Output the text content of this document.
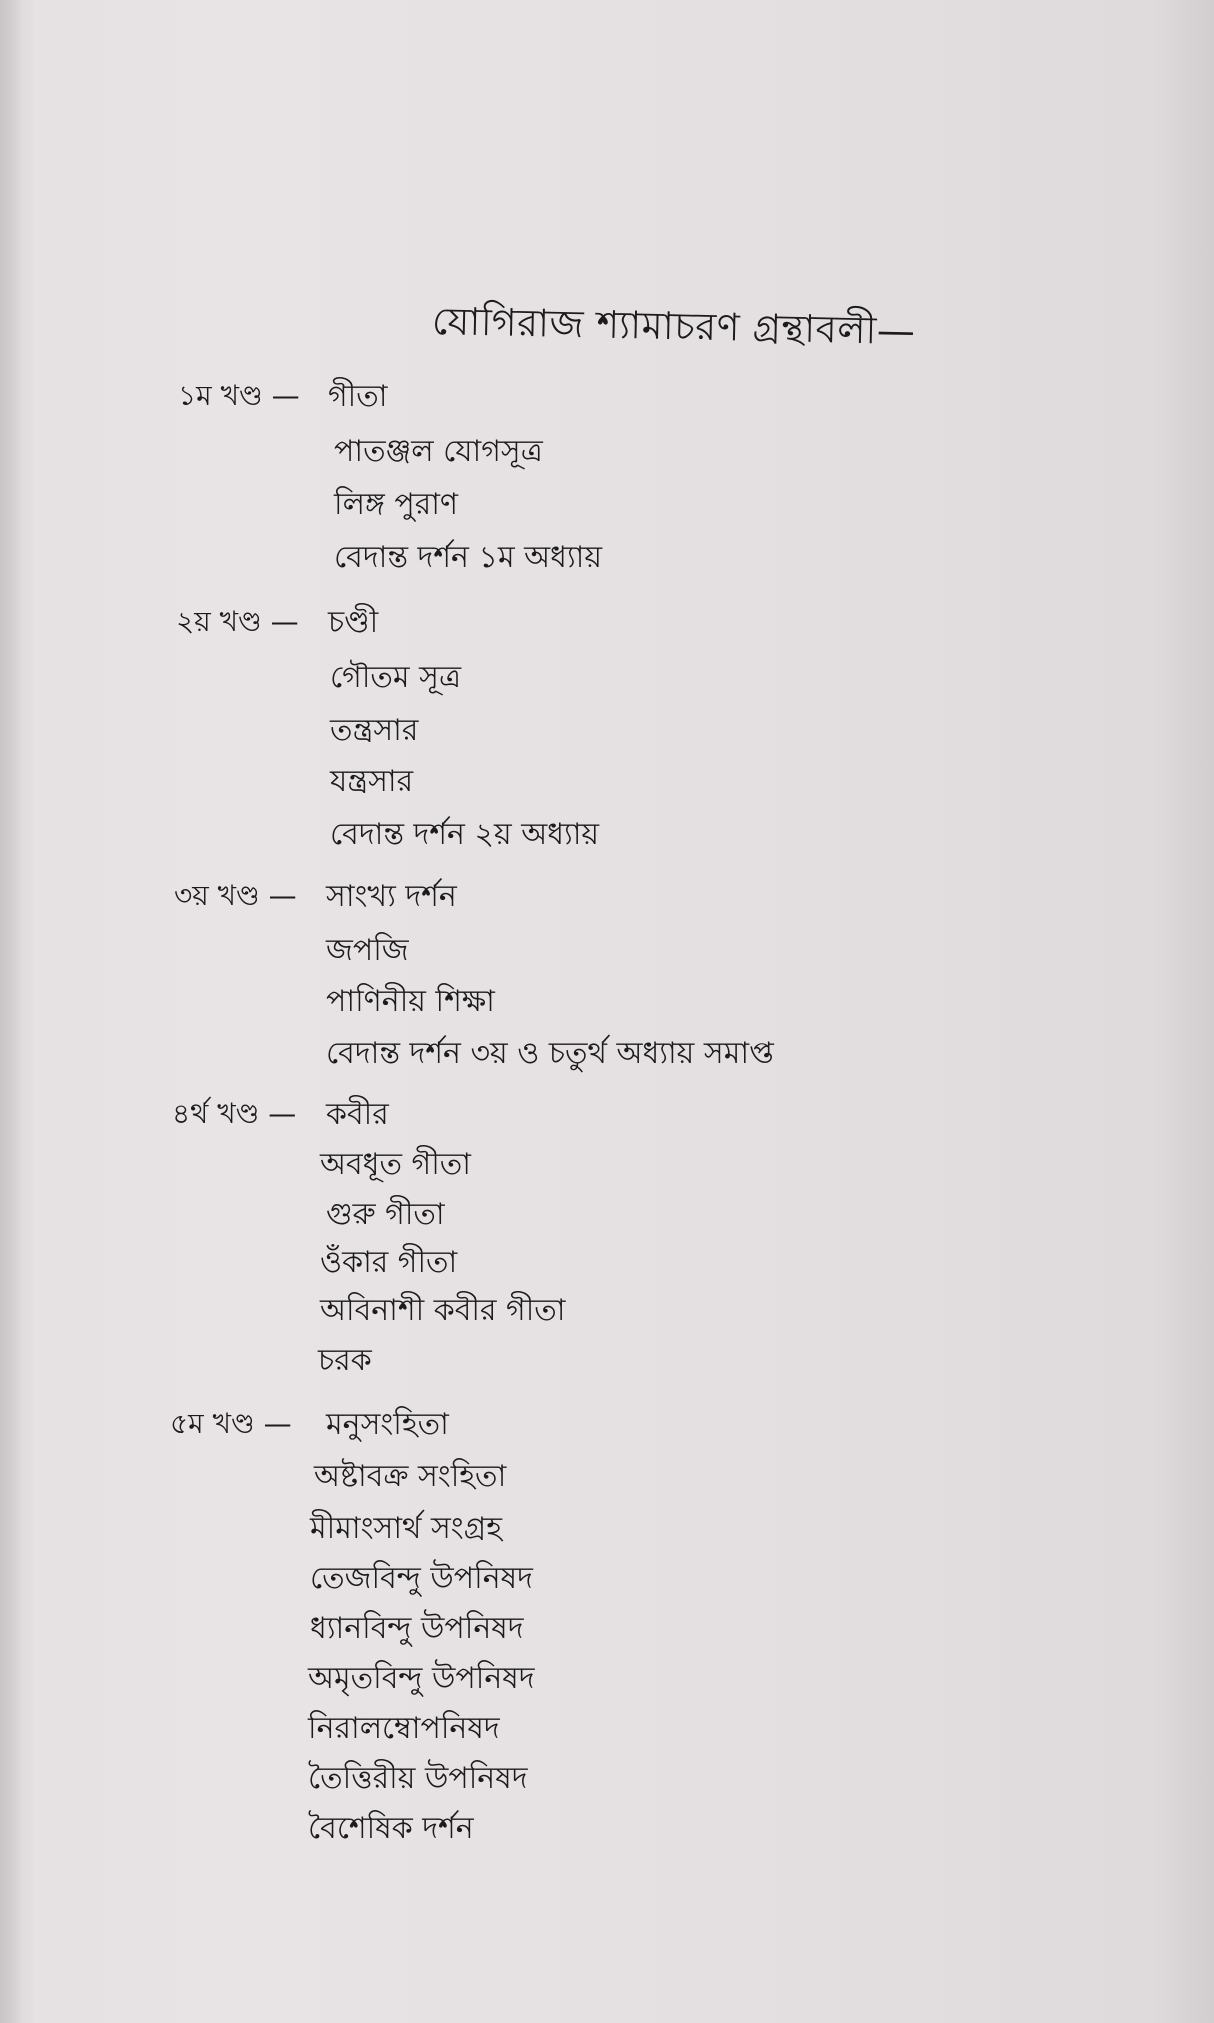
যোগিরাজ শ্যামাচরণ গ্রন্থাবলী—
১ম খণ্ড — গীতা
পাতঞ্জল যোগসূত্র
লিঙ্গ পুরাণ
বেদান্ত দর্শন ১ম অধ্যায়
২য় খণ্ড — চণ্ডী
গৌতম সূত্র
তন্ত্রসার
যন্ত্রসার
বেদান্ত দর্শন ২য় অধ্যায়
৩য় খণ্ড — সাংখ্য দর্শন
জপজি
পাণিনীয় শিক্ষা
বেদান্ত দর্শন ৩য় ও চতুর্থ অধ্যায় সমাপ্ত
৪র্থ খণ্ড — কবীর
অবধূত গীতা
গুরু গীতা
ওঁকার গীতা
অবিনাশী কবীর গীতা
চরক
৫ম খণ্ড — মনুসংহিতা
অষ্টাবক্র সংহিতা
মীমাংসার্থ সংগ্রহ
তেজবিন্দু উপনিষদ
ধ্যানবিন্দু উপনিষদ
অমৃতবিন্দু উপনিষদ
নিরালম্বোপনিষদ
তৈত্তিরীয় উপনিষদ
বৈশেষিক দর্শন
